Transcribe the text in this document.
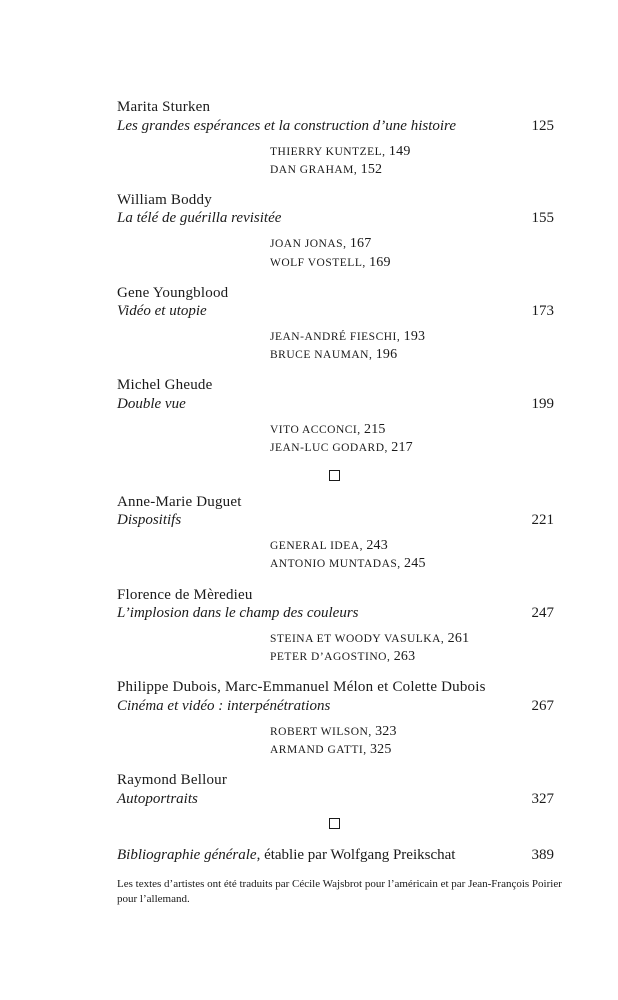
Marita Sturken
Les grandes espérances et la construction d’une histoire	125
THIERRY KUNTZEL, 149
DAN GRAHAM, 152
William Boddy
La télé de guérilla revisitée	155
JOAN JONAS, 167
WOLF VOSTELL, 169
Gene Youngblood
Vidéo et utopie	173
JEAN-ANDRÉ FIESCHI, 193
BRUCE NAUMAN, 196
Michel Gheude
Double vue	199
VITO ACCONCI, 215
JEAN-LUC GODARD, 217
Anne-Marie Duguet
Dispositifs	221
GENERAL IDEA, 243
ANTONIO MUNTADAS, 245
Florence de Mèredieu
L’implosion dans le champ des couleurs	247
STEINA ET WOODY VASULKA, 261
PETER D’AGOSTINO, 263
Philippe Dubois, Marc-Emmanuel Mélon et Colette Dubois
Cinéma et vidéo : interpénétrations	267
ROBERT WILSON, 323
ARMAND GATTI, 325
Raymond Bellour
Autoportraits	327
Bibliographie générale, établie par Wolfgang Preikschat	389
Les textes d’artistes ont été traduits par Cécile Wajsbrot pour l’américain et par Jean-François Poirier pour l’allemand.
